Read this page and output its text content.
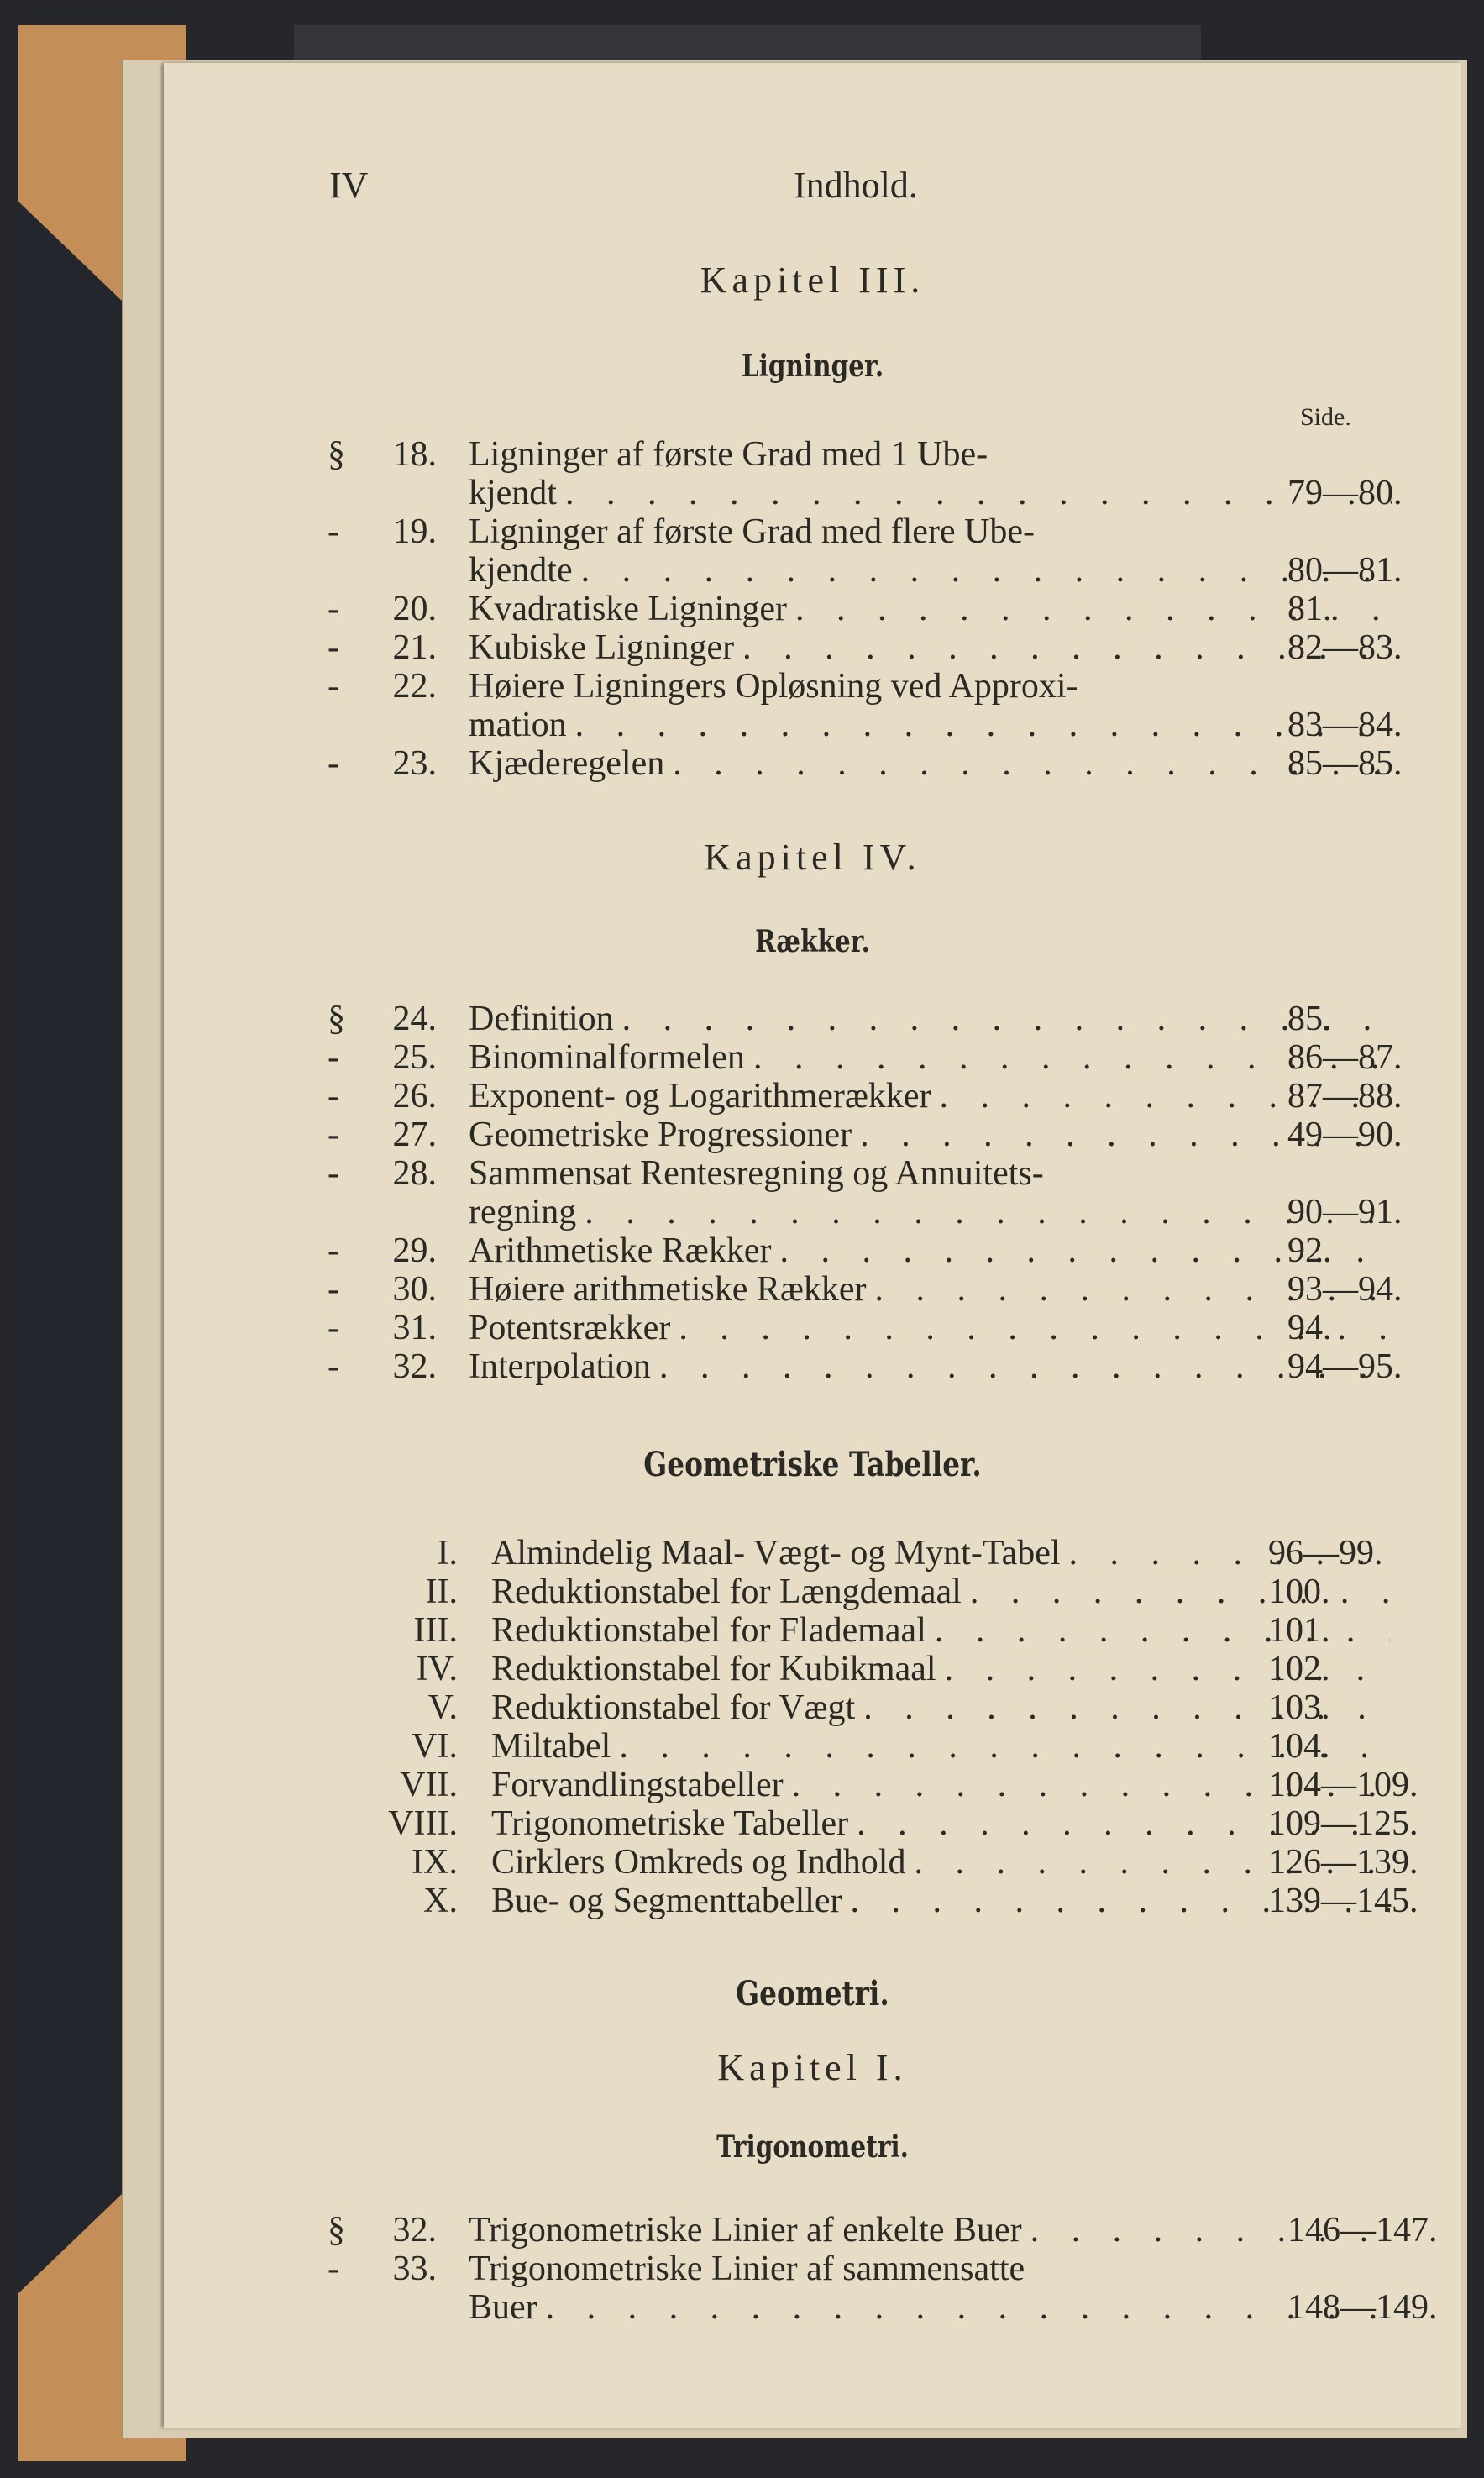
IV	Indhold.
Kapitel III.
Ligninger.
Side.
§	18. Ligninger af første Grad med 1 Ube-
kjendt . . .	79—80.
-	19. Ligninger af første Grad med flere Ube-
kjendte . . .	80—81.
-	20. Kvadratiske Ligninger . . .	81.
-	21. Kubiske Ligninger . . .	82—83.
-	22. Høiere Ligningers Opløsning ved Approxi-
mation . . .	83—84.
-	23. Kjæderegelen . . .	85—85.
Kapitel IV.
Rækker.
§	24. Definition . . .	85.
-	25. Binominalformelen . . .	86—87.
-	26. Exponent- og Logarithmerækker . . .	87—88.
-	27. Geometriske Progressioner . . .	49—90.
-	28. Sammensat Rentesregning og Annuitets-
regning . . .	90—91.
-	29. Arithmetiske Rækker . . .	92.
-	30. Høiere arithmetiske Rækker . . .	93—94.
-	31. Potentsrækker . . .	94.
-	32. Interpolation . . .	94—95.
Geometriske Tabeller.
I. Almindelig Maal- Vægt- og Mynt-Tabel . . .	96—99.
II. Reduktionstabel for Længdemaal . . .	100.
III. Reduktionstabel for Flademaal . . .	101.
IV. Reduktionstabel for Kubikmaal . . .	102.
V. Reduktionstabel for Vægt . . .	103.
VI. Miltabel . . .	104.
VII. Forvandlingstabeller . . .	104—109.
VIII. Trigonometriske Tabeller . . .	109—125.
IX. Cirklers Omkreds og Indhold . . .	126—139.
X. Bue- og Segmenttabeller . . .	139—145.
Geometri.
Kapitel I.
Trigonometri.
§	32. Trigonometriske Linier af enkelte Buer . . .	146—147.
-	33. Trigonometriske Linier af sammensatte
Buer . . .	148—149.
